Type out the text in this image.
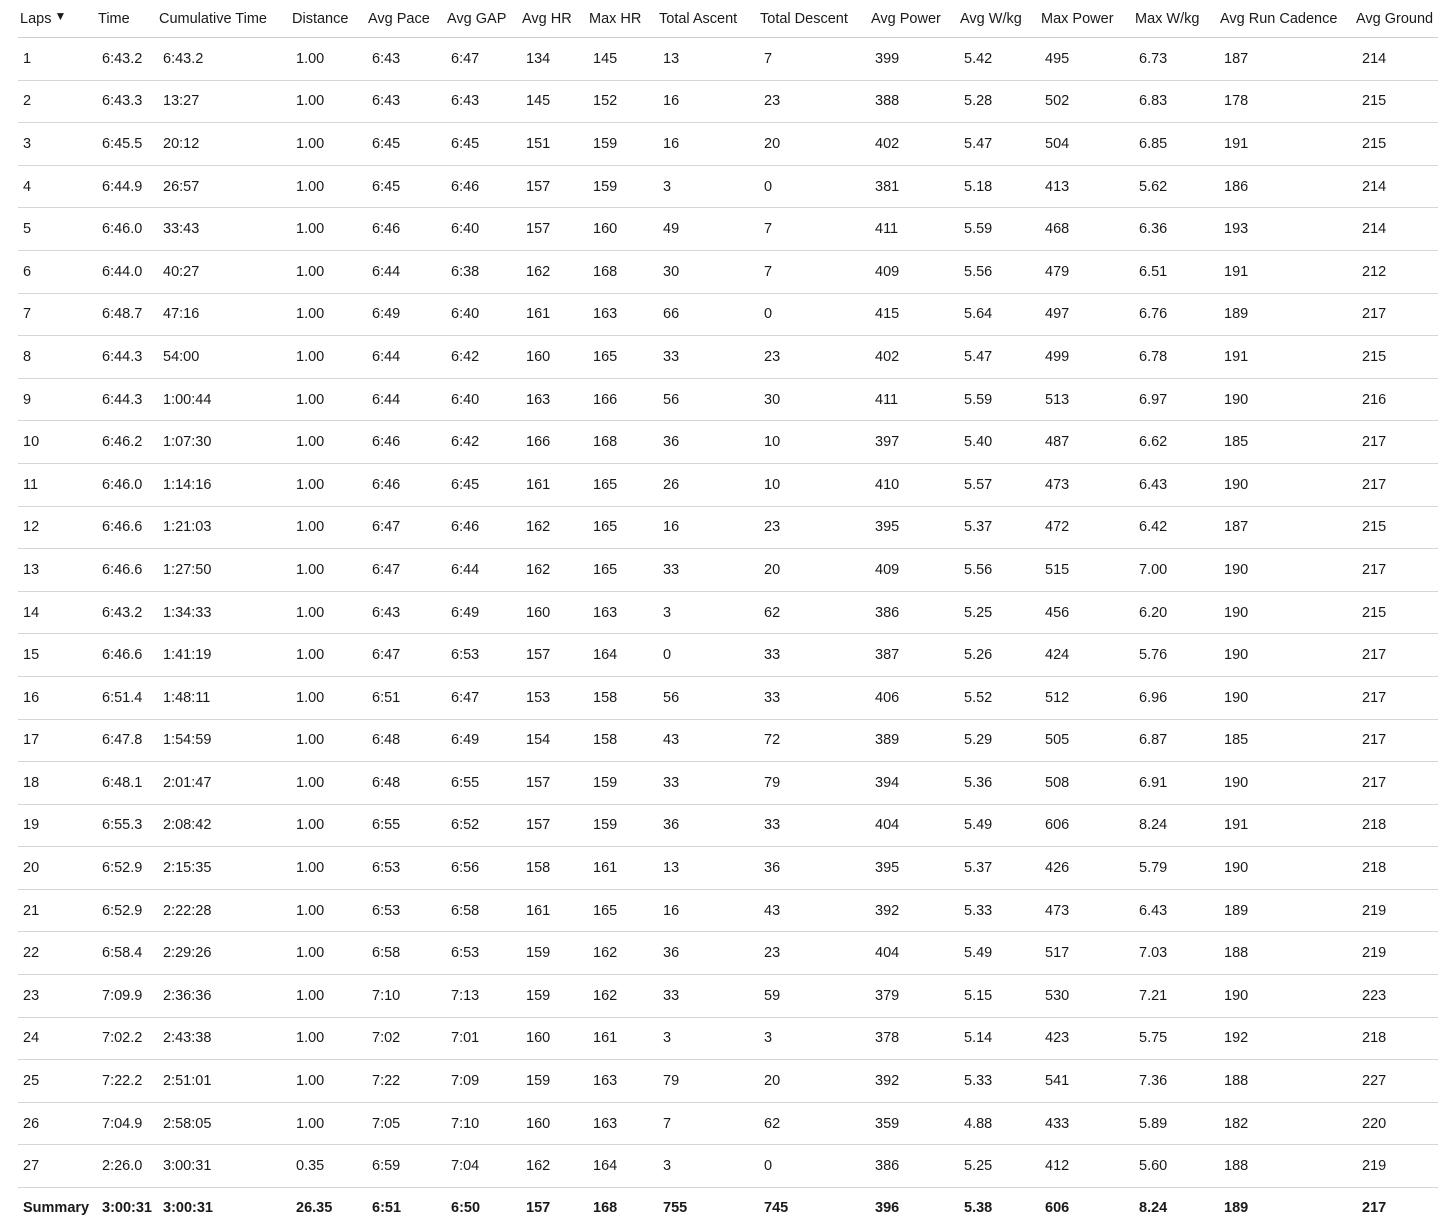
Laps ▼	Time	Cumulative Time	Distance	Avg Pace	Avg GAP	Avg HR	Max HR	Total Ascent	Total Descent	Avg Power	Avg W/kg	Max Power	Max W/kg	Avg Run Cadence	Avg Ground
1	6:43.2	6:43.2	1.00	6:43	6:47	134	145	13	7	399	5.42	495	6.73	187	214
2	6:43.3	13:27	1.00	6:43	6:43	145	152	16	23	388	5.28	502	6.83	178	215
3	6:45.5	20:12	1.00	6:45	6:45	151	159	16	20	402	5.47	504	6.85	191	215
4	6:44.9	26:57	1.00	6:45	6:46	157	159	3	0	381	5.18	413	5.62	186	214
5	6:46.0	33:43	1.00	6:46	6:40	157	160	49	7	411	5.59	468	6.36	193	214
6	6:44.0	40:27	1.00	6:44	6:38	162	168	30	7	409	5.56	479	6.51	191	212
7	6:48.7	47:16	1.00	6:49	6:40	161	163	66	0	415	5.64	497	6.76	189	217
8	6:44.3	54:00	1.00	6:44	6:42	160	165	33	23	402	5.47	499	6.78	191	215
9	6:44.3	1:00:44	1.00	6:44	6:40	163	166	56	30	411	5.59	513	6.97	190	216
10	6:46.2	1:07:30	1.00	6:46	6:42	166	168	36	10	397	5.40	487	6.62	185	217
11	6:46.0	1:14:16	1.00	6:46	6:45	161	165	26	10	410	5.57	473	6.43	190	217
12	6:46.6	1:21:03	1.00	6:47	6:46	162	165	16	23	395	5.37	472	6.42	187	215
13	6:46.6	1:27:50	1.00	6:47	6:44	162	165	33	20	409	5.56	515	7.00	190	217
14	6:43.2	1:34:33	1.00	6:43	6:49	160	163	3	62	386	5.25	456	6.20	190	215
15	6:46.6	1:41:19	1.00	6:47	6:53	157	164	0	33	387	5.26	424	5.76	190	217
16	6:51.4	1:48:11	1.00	6:51	6:47	153	158	56	33	406	5.52	512	6.96	190	217
17	6:47.8	1:54:59	1.00	6:48	6:49	154	158	43	72	389	5.29	505	6.87	185	217
18	6:48.1	2:01:47	1.00	6:48	6:55	157	159	33	79	394	5.36	508	6.91	190	217
19	6:55.3	2:08:42	1.00	6:55	6:52	157	159	36	33	404	5.49	606	8.24	191	218
20	6:52.9	2:15:35	1.00	6:53	6:56	158	161	13	36	395	5.37	426	5.79	190	218
21	6:52.9	2:22:28	1.00	6:53	6:58	161	165	16	43	392	5.33	473	6.43	189	219
22	6:58.4	2:29:26	1.00	6:58	6:53	159	162	36	23	404	5.49	517	7.03	188	219
23	7:09.9	2:36:36	1.00	7:10	7:13	159	162	33	59	379	5.15	530	7.21	190	223
24	7:02.2	2:43:38	1.00	7:02	7:01	160	161	3	3	378	5.14	423	5.75	192	218
25	7:22.2	2:51:01	1.00	7:22	7:09	159	163	79	20	392	5.33	541	7.36	188	227
26	7:04.9	2:58:05	1.00	7:05	7:10	160	163	7	62	359	4.88	433	5.89	182	220
27	2:26.0	3:00:31	0.35	6:59	7:04	162	164	3	0	386	5.25	412	5.60	188	219
Summary	3:00:31	3:00:31	26.35	6:51	6:50	157	168	755	745	396	5.38	606	8.24	189	217
